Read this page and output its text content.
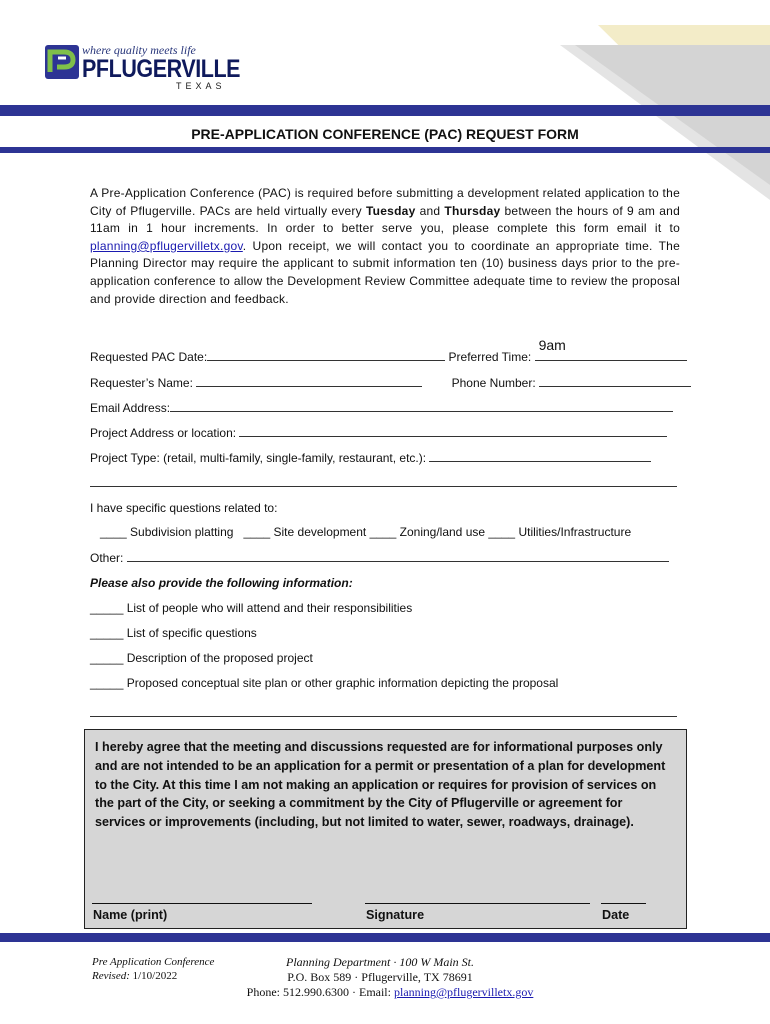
where quality meets life
PFLUGERVILLE
TEXAS
PRE-APPLICATION CONFERENCE (PAC) REQUEST FORM
A Pre-Application Conference (PAC) is required before submitting a development related application to the City of Pflugerville. PACs are held virtually every Tuesday and Thursday between the hours of 9 am and 11am in 1 hour increments. In order to better serve you, please complete this form email it to planning@pflugervilletx.gov. Upon receipt, we will contact you to coordinate an appropriate time. The Planning Director may require the applicant to submit information ten (10) business days prior to the pre-application conference to allow the Development Review Committee adequate time to review the proposal and provide direction and feedback.
Requested PAC Date:	Preferred Time:
9am
Requester’s Name:	Phone Number:
Email Address:
Project Address or location:
Project Type: (retail, multi-family, single-family, restaurant, etc.):
I have specific questions related to:
____ Subdivision platting ____ Site development ____ Zoning/land use ____ Utilities/Infrastructure
Other:
Please also provide the following information:
_____ List of people who will attend and their responsibilities
_____ List of specific questions
_____ Description of the proposed project
_____ Proposed conceptual site plan or other graphic information depicting the proposal
I hereby agree that the meeting and discussions requested are for informational purposes only and are not intended to be an application for a permit or presentation of a plan for development to the City. At this time I am not making an application or requires for provision of services on the part of the City, or seeking a commitment by the City of Pflugerville or agreement for services or improvements (including, but not limited to water, sewer, roadways, drainage).
Name (print)	Signature	Date
Pre Application Conference
Revised: 1/10/2022
Planning Department · 100 W Main St.
P.O. Box 589 · Pflugerville, TX 78691
Phone: 512.990.6300 · Email: planning@pflugervilletx.gov
